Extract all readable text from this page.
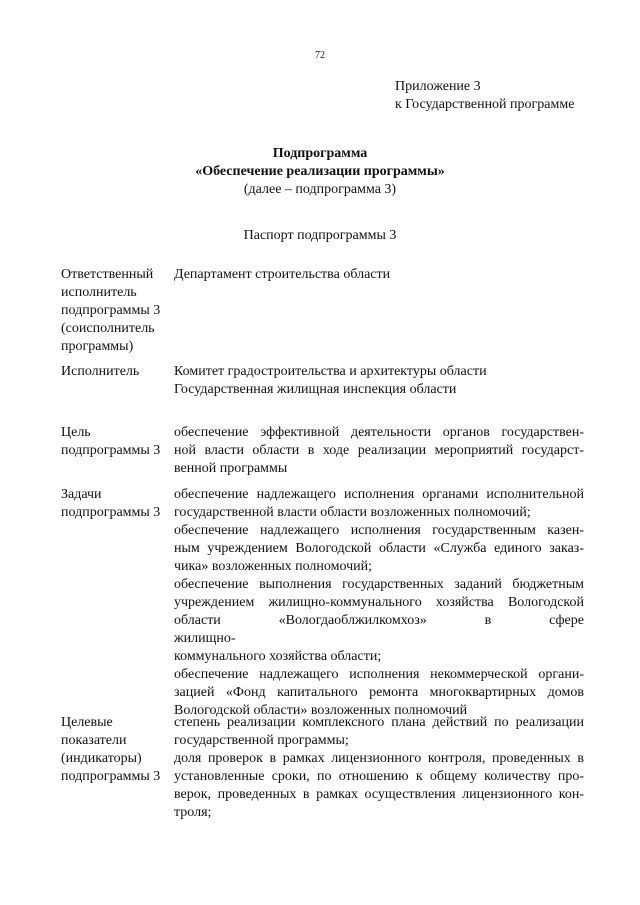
72
Приложение 3
к Государственной программе
Подпрограмма
«Обеспечение реализации программы»
(далее – подпрограмма 3)
Паспорт подпрограммы 3
Ответственный
исполнитель
подпрограммы 3
(соисполнитель
программы)
Департамент строительства области
Исполнитель	Комитет градостроительства и архитектуры области
Государственная жилищная инспекция области
Цель
подпрограммы 3
обеспечение эффективной деятельности органов государствен-
ной власти области в ходе реализации мероприятий государст-
венной программы
Задачи
подпрограммы 3
обеспечение надлежащего исполнения органами исполнительной
государственной власти области возложенных полномочий;
обеспечение надлежащего исполнения государственным казен-
ным учреждением Вологодской области «Служба единого заказ-
чика» возложенных полномочий;
обеспечение выполнения государственных заданий бюджетным
учреждением жилищно-коммунального хозяйства Вологодской
области «Вологдаоблжилкомхоз» в сфере жилищно-
коммунального хозяйства области;
обеспечение надлежащего исполнения некоммерческой органи-
зацией «Фонд капитального ремонта многоквартирных домов
Вологодской области» возложенных полномочий
Целевые
показатели
(индикаторы)
подпрограммы 3
степень реализации комплексного плана действий по реализации
государственной программы;
доля проверок в рамках лицензионного контроля, проведенных в
установленные сроки, по отношению к общему количеству про-
верок, проведенных в рамках осуществления лицензионного кон-
троля;
